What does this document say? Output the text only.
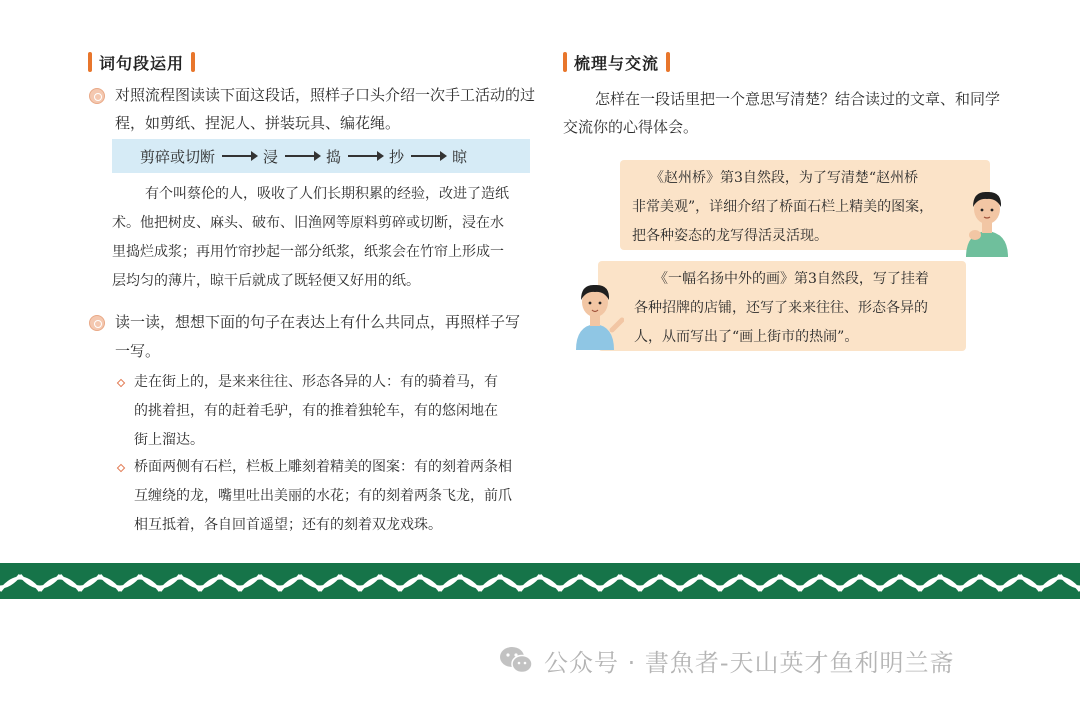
词句段运用

对照流程图读读下面这段话，照样子口头介绍一次手工活动的过

程，如剪纸、捏泥人、拼装玩具、编花绳。

剪碎或切断	浸	捣	抄	晾

有个叫蔡伦的人，吸收了人们长期积累的经验，改进了造纸

术。他把树皮、麻头、破布、旧渔网等原料剪碎或切断，浸在水

里捣烂成浆；再用竹帘抄起一部分纸浆，纸浆会在竹帘上形成一

层均匀的薄片，晾干后就成了既轻便又好用的纸。

读一读，想想下面的句子在表达上有什么共同点，再照样子写

一写。

走在街上的，是来来往往、形态各异的人：有的骑着马，有

的挑着担，有的赶着毛驴，有的推着独轮车，有的悠闲地在

街上溜达。

桥面两侧有石栏，栏板上雕刻着精美的图案：有的刻着两条相

互缠绕的龙，嘴里吐出美丽的水花；有的刻着两条飞龙，前爪

相互抵着，各自回首遥望；还有的刻着双龙戏珠。

梳理与交流

怎样在一段话里把一个意思写清楚？结合读过的文章、和同学

交流你的心得体会。

《赵州桥》第3自然段，为了写清楚“赵州桥

非常美观”，详细介绍了桥面石栏上精美的图案，

把各种姿态的龙写得活灵活现。

《一幅名扬中外的画》第3自然段，写了挂着

各种招牌的店铺，还写了来来往往、形态各异的

人，从而写出了“画上街市的热闹”。

公众号 · 書魚者-天山英才鱼利明兰斋
